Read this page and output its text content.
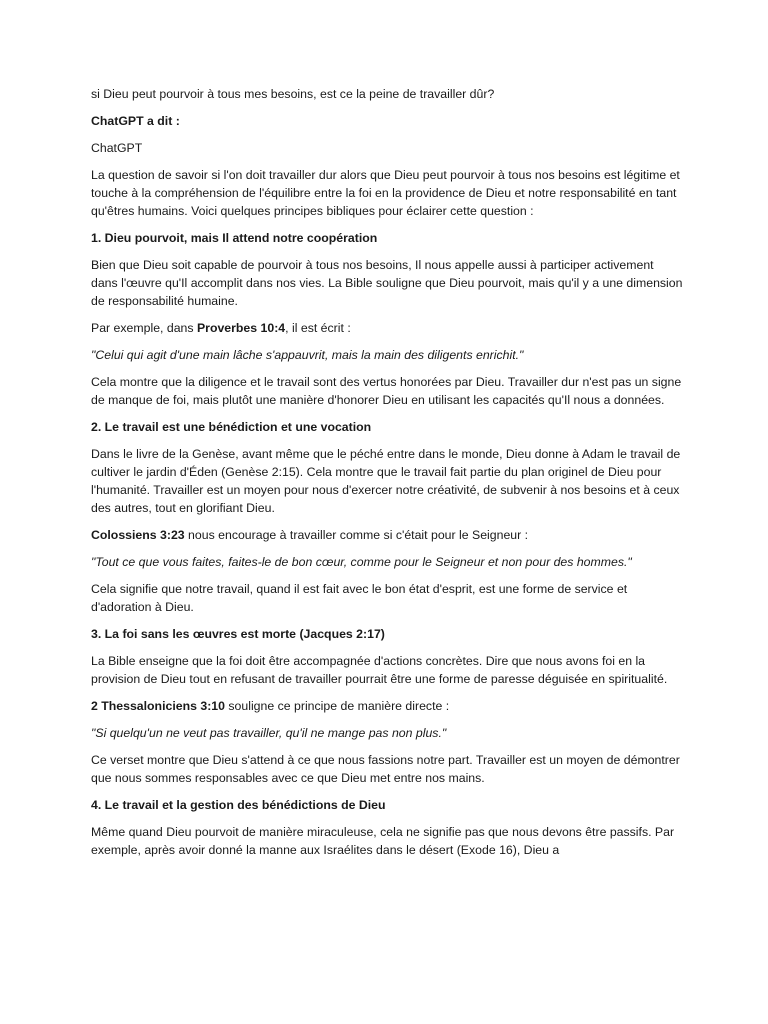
si Dieu peut pourvoir à tous mes besoins, est ce la peine de travailler dûr?

ChatGPT a dit :

ChatGPT

La question de savoir si l'on doit travailler dur alors que Dieu peut pourvoir à tous nos besoins est légitime et touche à la compréhension de l'équilibre entre la foi en la providence de Dieu et notre responsabilité en tant qu'êtres humains. Voici quelques principes bibliques pour éclairer cette question :

1. Dieu pourvoit, mais Il attend notre coopération

Bien que Dieu soit capable de pourvoir à tous nos besoins, Il nous appelle aussi à participer activement dans l'œuvre qu'Il accomplit dans nos vies. La Bible souligne que Dieu pourvoit, mais qu'il y a une dimension de responsabilité humaine.

Par exemple, dans Proverbes 10:4, il est écrit :

"Celui qui agit d'une main lâche s'appauvrit, mais la main des diligents enrichit."

Cela montre que la diligence et le travail sont des vertus honorées par Dieu. Travailler dur n'est pas un signe de manque de foi, mais plutôt une manière d'honorer Dieu en utilisant les capacités qu'Il nous a données.

2. Le travail est une bénédiction et une vocation

Dans le livre de la Genèse, avant même que le péché entre dans le monde, Dieu donne à Adam le travail de cultiver le jardin d'Éden (Genèse 2:15). Cela montre que le travail fait partie du plan originel de Dieu pour l'humanité. Travailler est un moyen pour nous d'exercer notre créativité, de subvenir à nos besoins et à ceux des autres, tout en glorifiant Dieu.

Colossiens 3:23 nous encourage à travailler comme si c'était pour le Seigneur :

"Tout ce que vous faites, faites-le de bon cœur, comme pour le Seigneur et non pour des hommes."

Cela signifie que notre travail, quand il est fait avec le bon état d'esprit, est une forme de service et d'adoration à Dieu.

3. La foi sans les œuvres est morte (Jacques 2:17)

La Bible enseigne que la foi doit être accompagnée d'actions concrètes. Dire que nous avons foi en la provision de Dieu tout en refusant de travailler pourrait être une forme de paresse déguisée en spiritualité.

2 Thessaloniciens 3:10 souligne ce principe de manière directe :

"Si quelqu'un ne veut pas travailler, qu'il ne mange pas non plus."

Ce verset montre que Dieu s'attend à ce que nous fassions notre part. Travailler est un moyen de démontrer que nous sommes responsables avec ce que Dieu met entre nos mains.

4. Le travail et la gestion des bénédictions de Dieu

Même quand Dieu pourvoit de manière miraculeuse, cela ne signifie pas que nous devons être passifs. Par exemple, après avoir donné la manne aux Israélites dans le désert (Exode 16), Dieu a
